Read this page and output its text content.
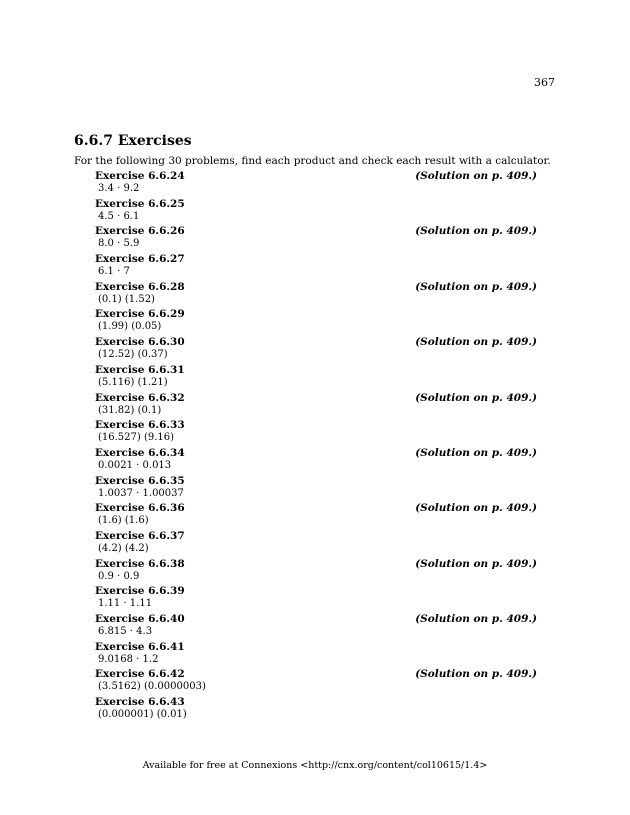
367
6.6.7 Exercises
For the following 30 problems, find each product and check each result with a calculator.
Exercise 6.6.24	(Solution on p. 409.)
3.4 · 9.2
Exercise 6.6.25
4.5 · 6.1
Exercise 6.6.26	(Solution on p. 409.)
8.0 · 5.9
Exercise 6.6.27
6.1 · 7
Exercise 6.6.28	(Solution on p. 409.)
(0.1) (1.52)
Exercise 6.6.29
(1.99) (0.05)
Exercise 6.6.30	(Solution on p. 409.)
(12.52) (0.37)
Exercise 6.6.31
(5.116) (1.21)
Exercise 6.6.32	(Solution on p. 409.)
(31.82) (0.1)
Exercise 6.6.33
(16.527) (9.16)
Exercise 6.6.34	(Solution on p. 409.)
0.0021 · 0.013
Exercise 6.6.35
1.0037 · 1.00037
Exercise 6.6.36	(Solution on p. 409.)
(1.6) (1.6)
Exercise 6.6.37
(4.2) (4.2)
Exercise 6.6.38	(Solution on p. 409.)
0.9 · 0.9
Exercise 6.6.39
1.11 · 1.11
Exercise 6.6.40	(Solution on p. 409.)
6.815 · 4.3
Exercise 6.6.41
9.0168 · 1.2
Exercise 6.6.42	(Solution on p. 409.)
(3.5162) (0.0000003)
Exercise 6.6.43
(0.000001) (0.01)
Available for free at Connexions <http://cnx.org/content/col10615/1.4>
